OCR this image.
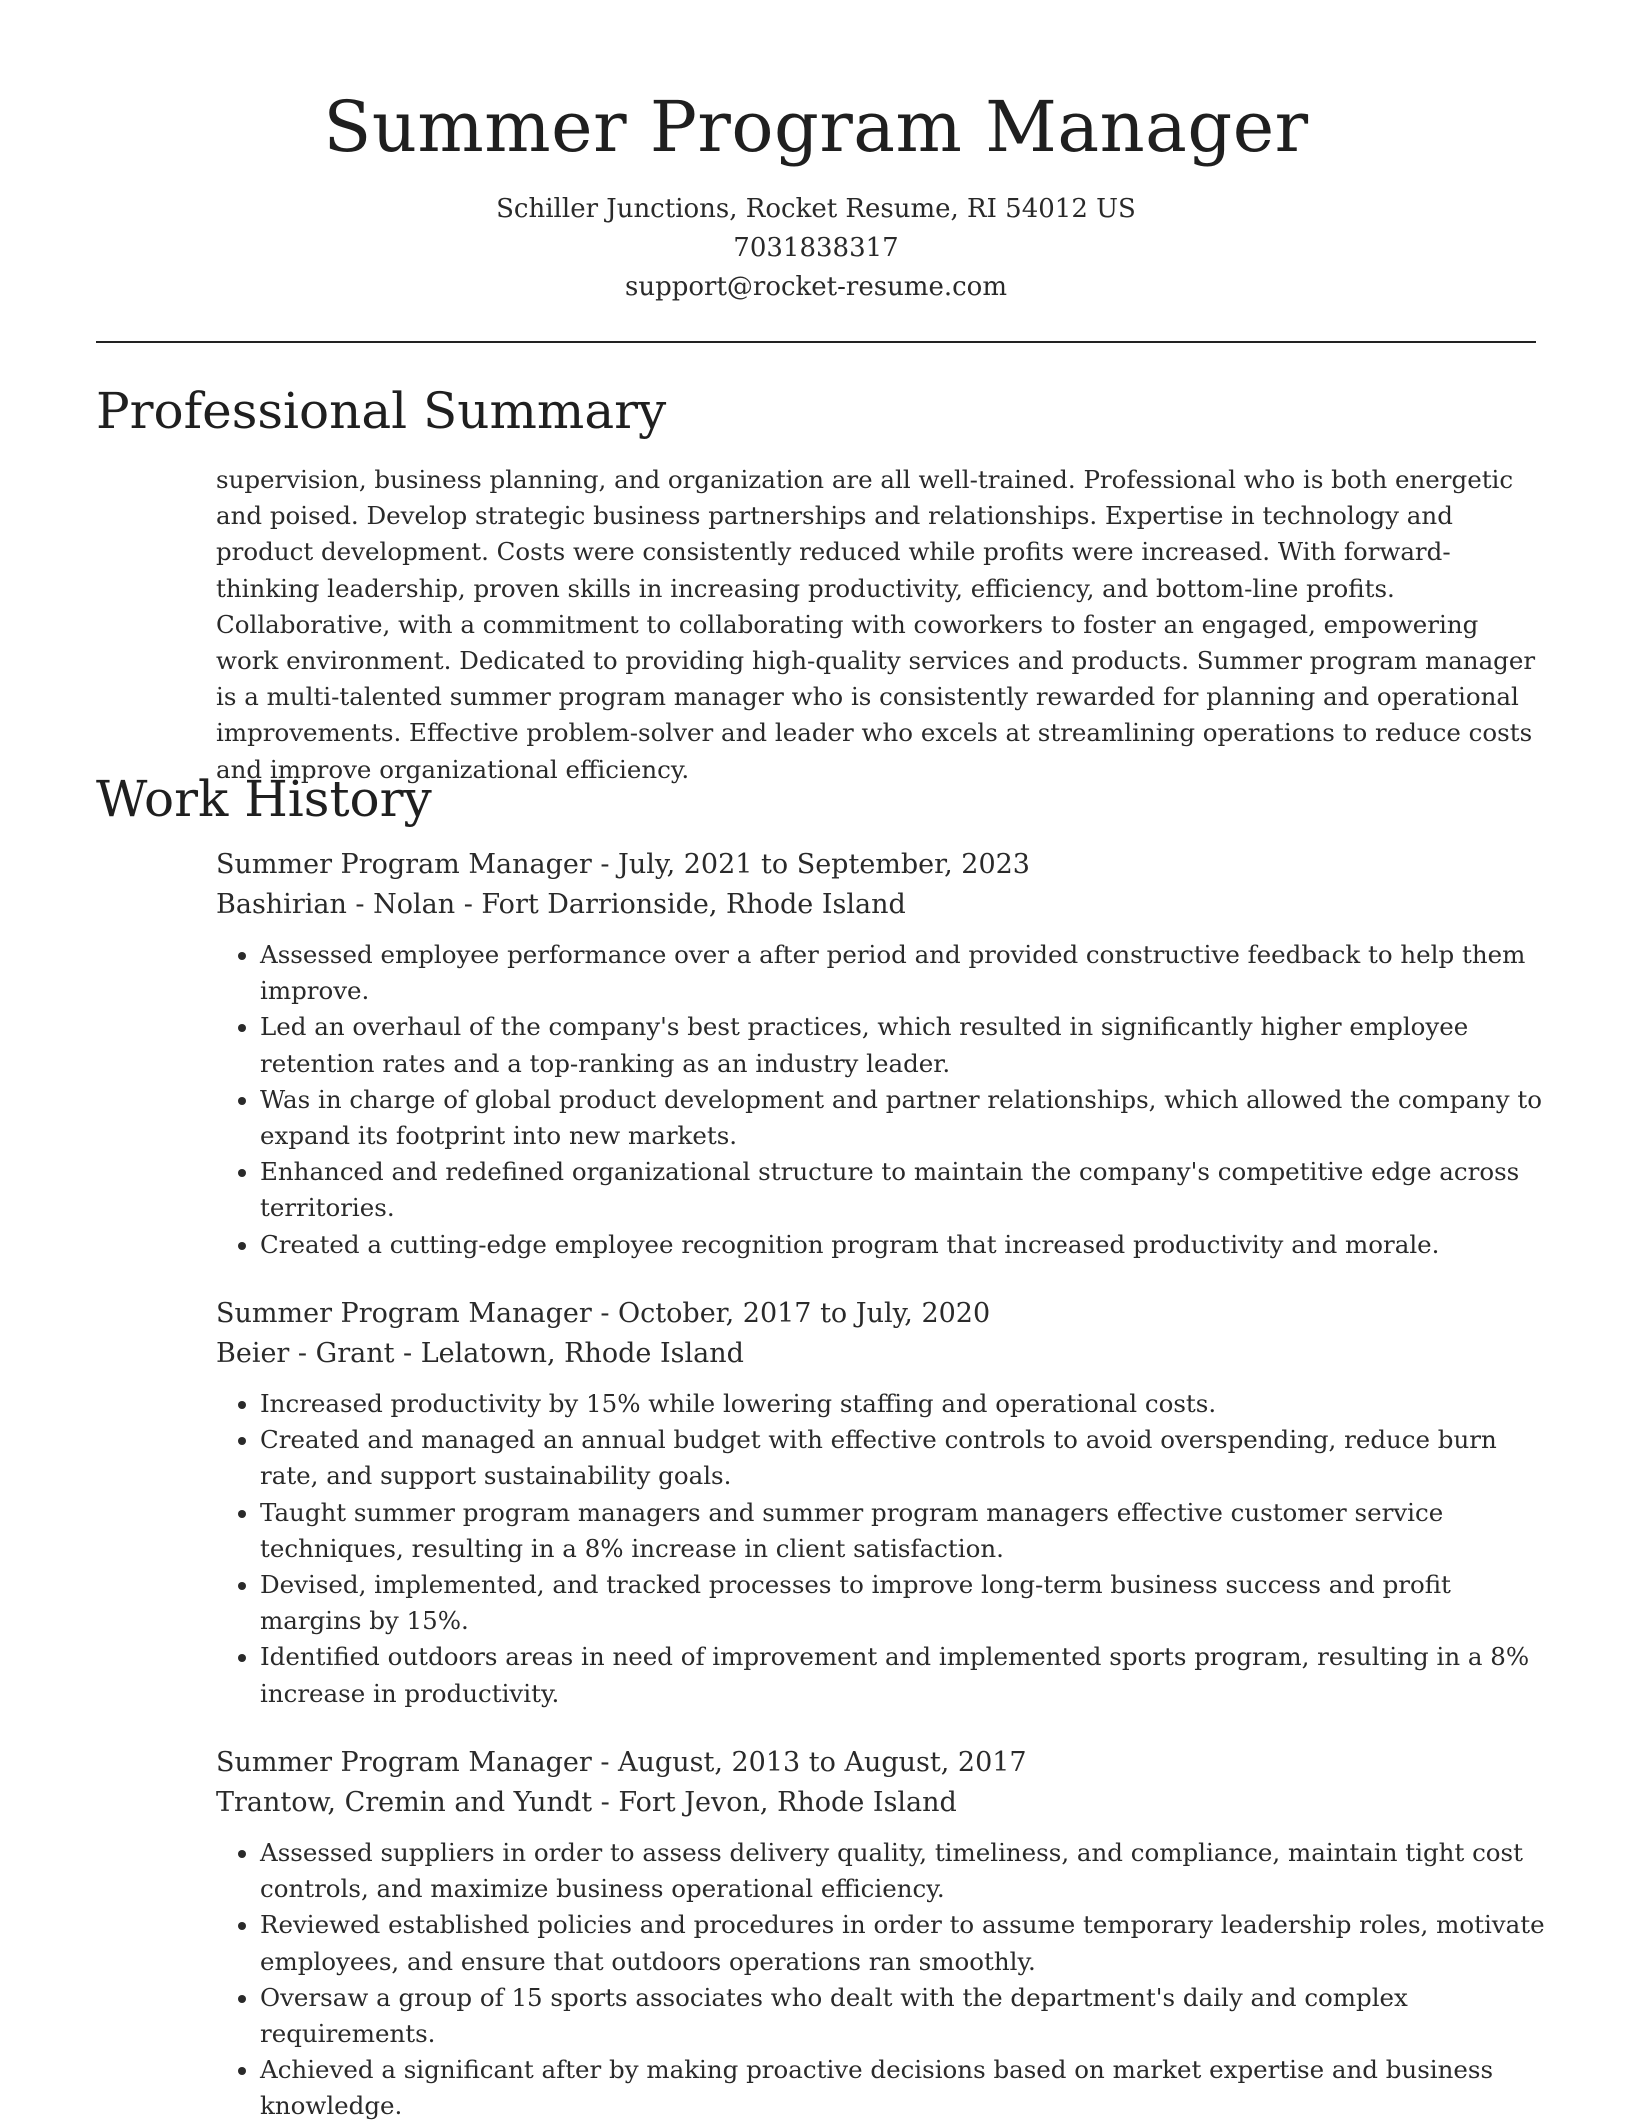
Summer Program Manager
Schiller Junctions, Rocket Resume, RI 54012 US
7031838317
support@rocket-resume.com
Professional Summary

supervision, business planning, and organization are all well-trained. Professional who is both energetic and poised. Develop strategic business partnerships and relationships. Expertise in technology and product development. Costs were consistently reduced while profits were increased. With forward-thinking leadership, proven skills in increasing productivity, efficiency, and bottom-line profits. Collaborative, with a commitment to collaborating with coworkers to foster an engaged, empowering work environment. Dedicated to providing high-quality services and products. Summer program manager is a multi-talented summer program manager who is consistently rewarded for planning and operational improvements. Effective problem-solver and leader who excels at streamlining operations to reduce costs and improve organizational efficiency.

Work History
Summer Program Manager - July, 2021 to September, 2023
Bashirian - Nolan - Fort Darrionside, Rhode Island
• Assessed employee performance over a after period and provided constructive feedback to help them improve.
• Led an overhaul of the company's best practices, which resulted in significantly higher employee retention rates and a top-ranking as an industry leader.
• Was in charge of global product development and partner relationships, which allowed the company to expand its footprint into new markets.
• Enhanced and redefined organizational structure to maintain the company's competitive edge across territories.
• Created a cutting-edge employee recognition program that increased productivity and morale.
Summer Program Manager - October, 2017 to July, 2020
Beier - Grant - Lelatown, Rhode Island
• Increased productivity by 15% while lowering staffing and operational costs.
• Created and managed an annual budget with effective controls to avoid overspending, reduce burn rate, and support sustainability goals.
• Taught summer program managers and summer program managers effective customer service techniques, resulting in a 8% increase in client satisfaction.
• Devised, implemented, and tracked processes to improve long-term business success and profit margins by 15%.
• Identified outdoors areas in need of improvement and implemented sports program, resulting in a 8% increase in productivity.
Summer Program Manager - August, 2013 to August, 2017
Trantow, Cremin and Yundt - Fort Jevon, Rhode Island
• Assessed suppliers in order to assess delivery quality, timeliness, and compliance, maintain tight cost controls, and maximize business operational efficiency.
• Reviewed established policies and procedures in order to assume temporary leadership roles, motivate employees, and ensure that outdoors operations ran smoothly.
• Oversaw a group of 15 sports associates who dealt with the department's daily and complex requirements.
• Achieved a significant after by making proactive decisions based on market expertise and business knowledge.
